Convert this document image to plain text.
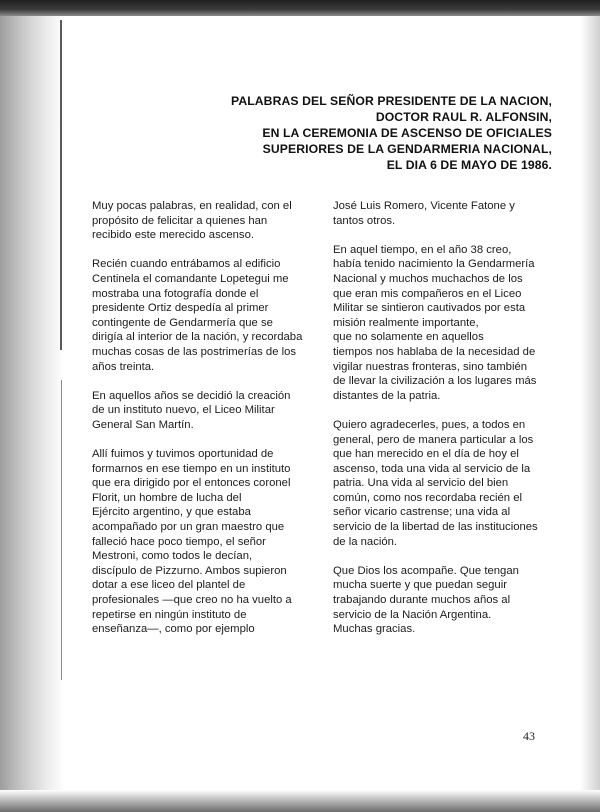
PALABRAS DEL SEÑOR PRESIDENTE DE LA NACION,
DOCTOR RAUL R. ALFONSIN,
EN LA CEREMONIA DE ASCENSO DE OFICIALES
SUPERIORES DE LA GENDARMERIA NACIONAL,
EL DIA 6 DE MAYO DE 1986.

Muy pocas palabras, en realidad, con el
propósito de felicitar a quienes han
recibido este merecido ascenso.

Recién cuando entrábamos al edificio
Centinela el comandante Lopetegui me
mostraba una fotografía donde el
presidente Ortiz despedía al primer
contingente de Gendarmería que se
dirigía al interior de la nación, y recordaba
muchas cosas de las postrimerías de los
años treinta.

En aquellos años se decidió la creación
de un instituto nuevo, el Liceo Militar
General San Martín.

Allí fuimos y tuvimos oportunidad de
formarnos en ese tiempo en un instituto
que era dirigido por el entonces coronel
Florit, un hombre de lucha del
Ejército argentino, y que estaba
acompañado por un gran maestro que
falleció hace poco tiempo, el señor
Mestroni, como todos le decían,
discípulo de Pizzurno. Ambos supieron
dotar a ese liceo del plantel de
profesionales —que creo no ha vuelto a
repetirse en ningún instituto de
enseñanza—, como por ejemplo

José Luis Romero, Vicente Fatone y
tantos otros.

En aquel tiempo, en el año 38 creo,
había tenido nacimiento la Gendarmería
Nacional y muchos muchachos de los
que eran mis compañeros en el Liceo
Militar se sintieron cautivados por esta
misión realmente importante,
que no solamente en aquellos
tiempos nos hablaba de la necesidad de
vigilar nuestras fronteras, sino también
de llevar la civilización a los lugares más
distantes de la patria.

Quiero agradecerles, pues, a todos en
general, pero de manera particular a los
que han merecido en el día de hoy el
ascenso, toda una vida al servicio de la
patria. Una vida al servicio del bien
común, como nos recordaba recién el
señor vicario castrense; una vida al
servicio de la libertad de las instituciones
de la nación.

Que Dios los acompañe. Que tengan
mucha suerte y que puedan seguir
trabajando durante muchos años al
servicio de la Nación Argentina.
Muchas gracias.

43
